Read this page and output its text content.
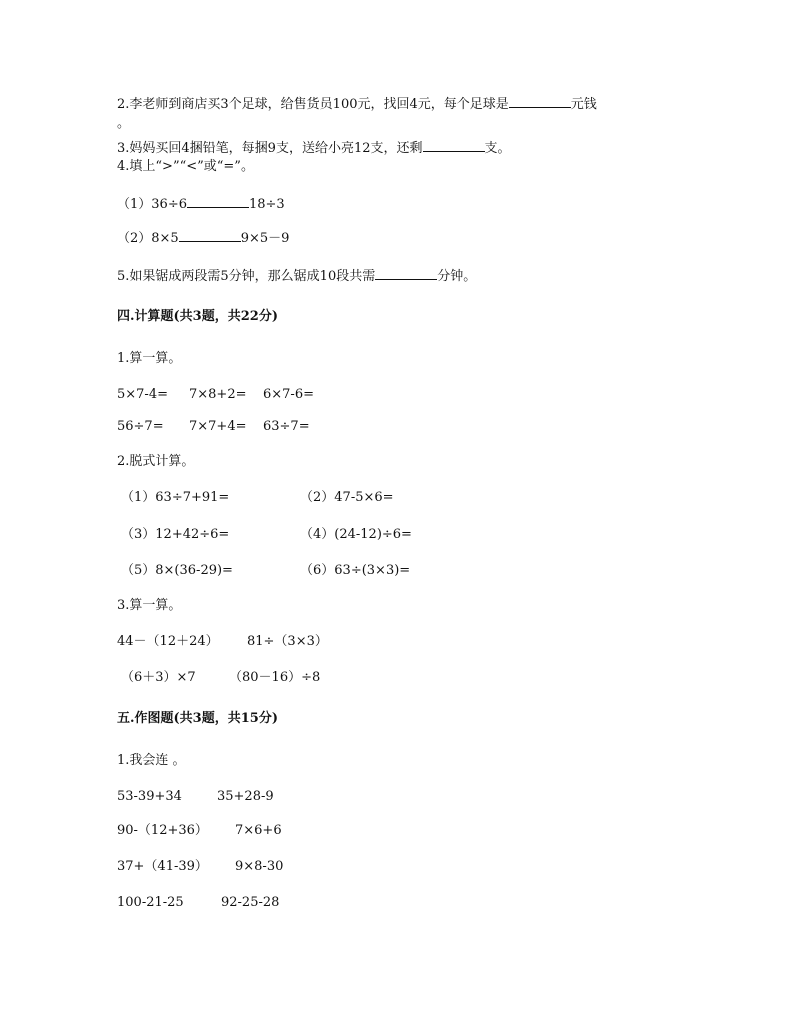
2.李老师到商店买3个足球，给售货员100元，找回4元，每个足球是	元钱
。
3.妈妈买回4捆铅笔，每捆9支，送给小亮12支，还剩	支。
4.填上“>”“<”或“=”。
（1）36÷6	18÷3
（2）8×5	9×5－9
5.如果锯成两段需5分钟，那么锯成10段共需	分钟。
四.计算题(共3题，共22分)
1.算一算。
5×7-4= 7×8+2= 6×7-6=
56÷7= 7×7+4= 63÷7=
2.脱式计算。
（1）63÷7+91=	（2）47-5×6=
（3）12+42÷6=	（4）(24-12)÷6=
（5）8×(36-29)=	（6）63÷(3×3)=
3.算一算。
44－（12＋24） 81÷（3×3）
（6＋3）×7	（80－16）÷8
五.作图题(共3题，共15分)
1.我会连 。
53-39+34	35+28-9
90-（12+36） 7×6+6
37+（41-39） 9×8-30
100-21-25	92-25-28
